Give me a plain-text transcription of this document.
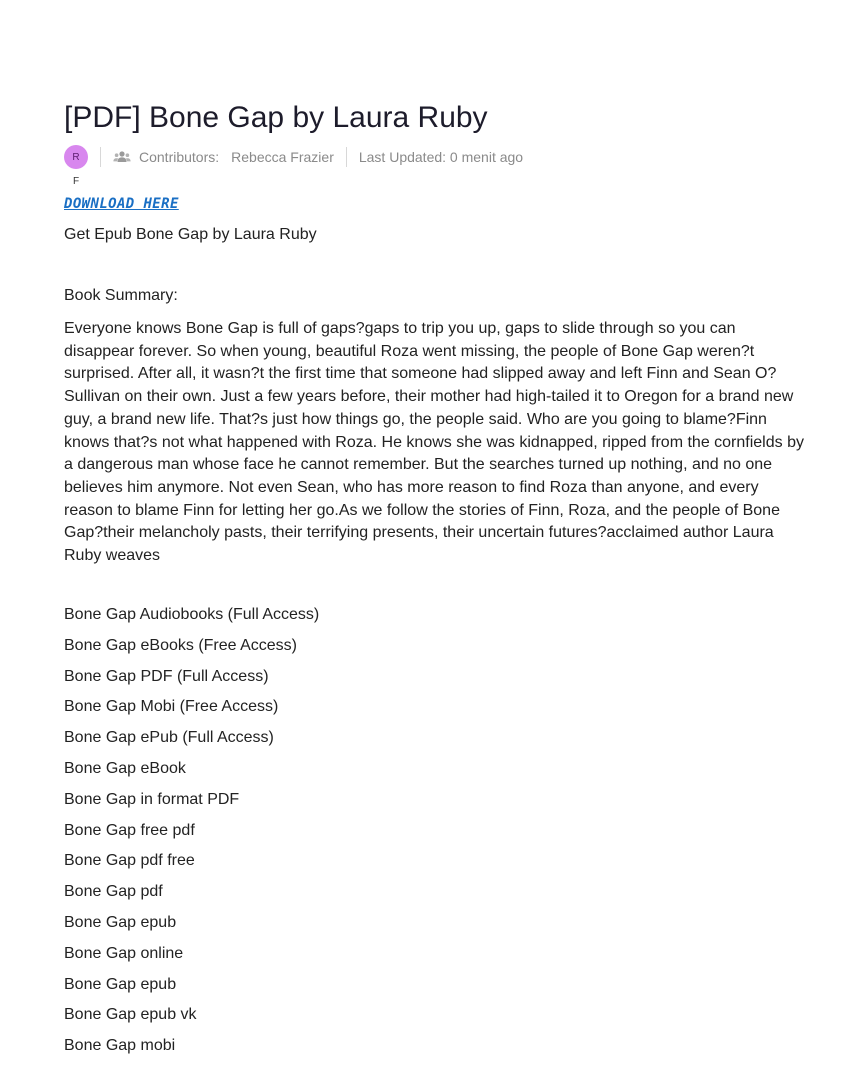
[PDF] Bone Gap by Laura Ruby
R
F
Contributors: Rebecca Frazier Last Updated: 0 menit ago
DOWNLOAD HERE
Get Epub Bone Gap by Laura Ruby
Book Summary:

Everyone knows Bone Gap is full of gaps?gaps to trip you up, gaps to slide through so you can disappear forever. So when young, beautiful Roza went missing, the people of Bone Gap weren?t surprised. After all, it wasn?t the first time that someone had slipped away and left Finn and Sean O?Sullivan on their own. Just a few years before, their mother had high-tailed it to Oregon for a brand new guy, a brand new life. That?s just how things go, the people said. Who are you going to blame?Finn knows that?s not what happened with Roza. He knows she was kidnapped, ripped from the cornfields by a dangerous man whose face he cannot remember. But the searches turned up nothing, and no one believes him anymore. Not even Sean, who has more reason to find Roza than anyone, and every reason to blame Finn for letting her go.As we follow the stories of Finn, Roza, and the people of Bone Gap?their melancholy pasts, their terrifying presents, their uncertain futures?acclaimed author Laura Ruby weaves

Bone Gap Audiobooks (Full Access)
Bone Gap eBooks (Free Access)
Bone Gap PDF (Full Access)
Bone Gap Mobi (Free Access)
Bone Gap ePub (Full Access)
Bone Gap eBook
Bone Gap in format PDF
Bone Gap free pdf
Bone Gap pdf free
Bone Gap pdf
Bone Gap epub
Bone Gap online
Bone Gap epub
Bone Gap epub vk
Bone Gap mobi
